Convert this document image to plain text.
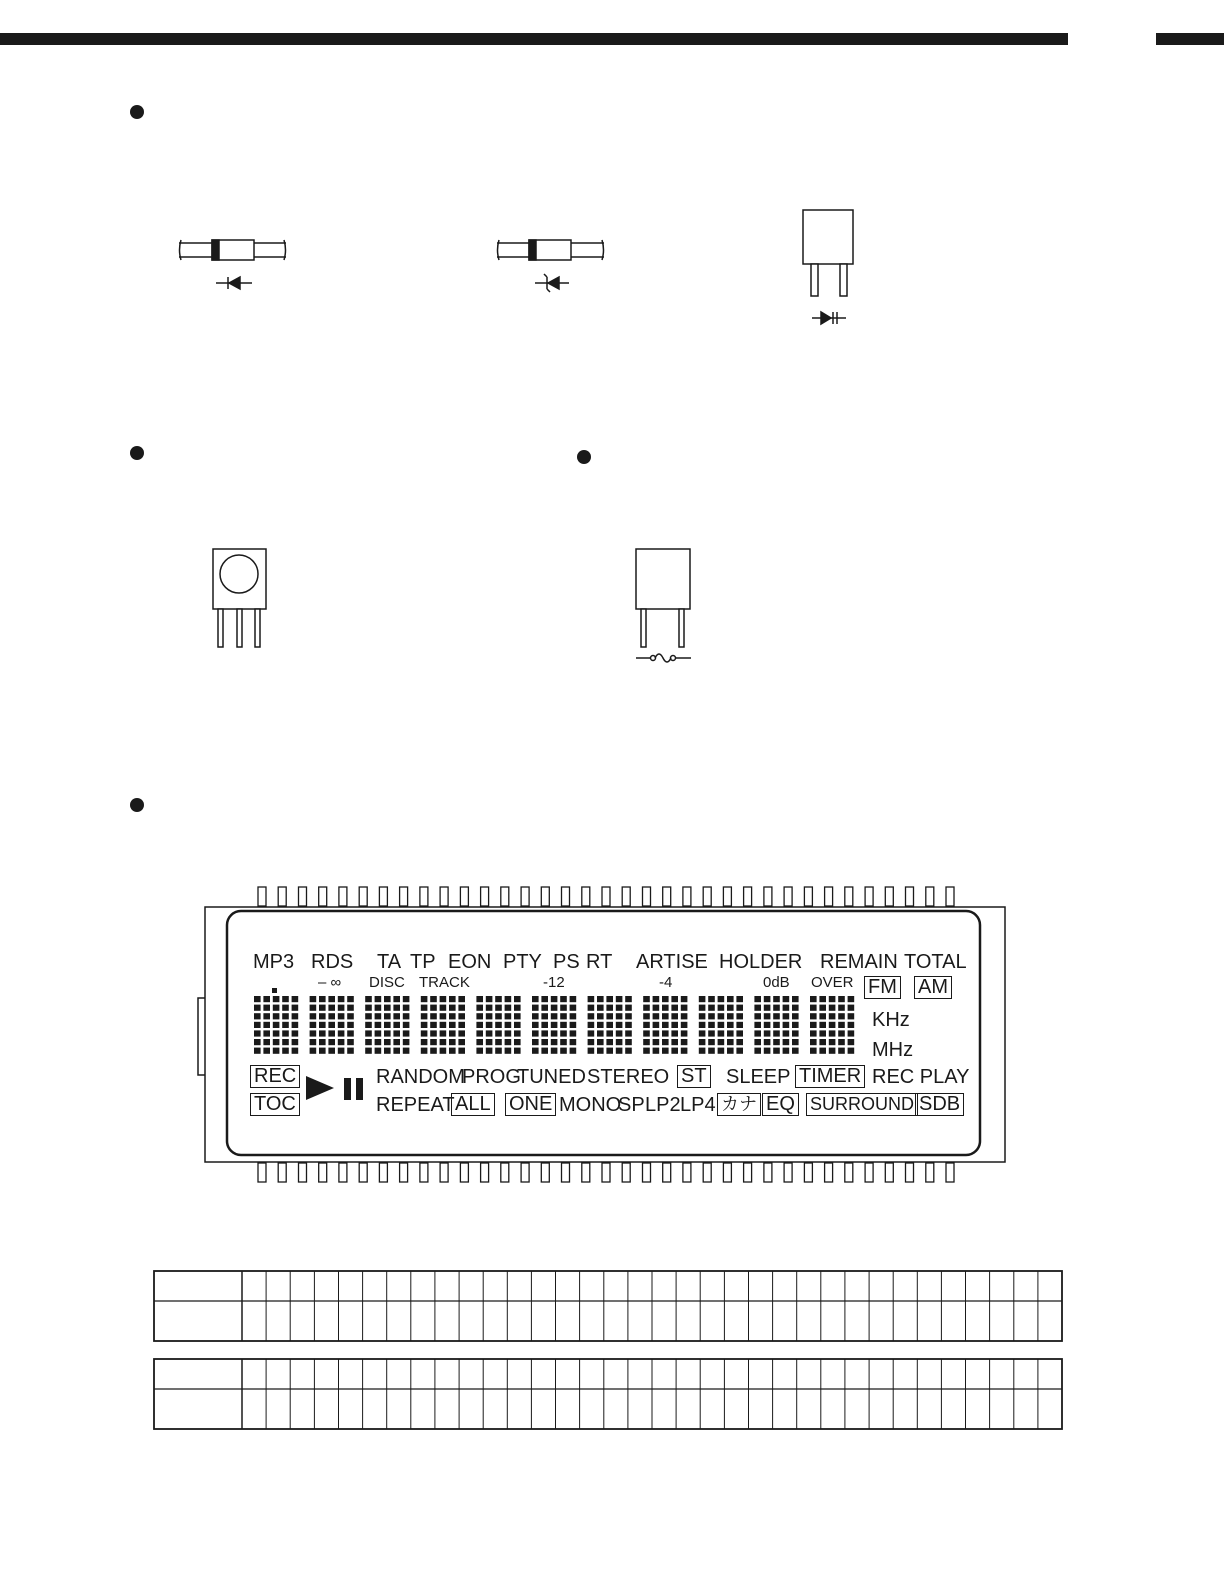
MP3 RDS TA TP EON PTY PS RT ARTISE HOLDER REMAIN TOTAL
– ∞ DISC TRACK	-12	-4	0dB OVER FM AM
KHz
MHz
REC	RANDOM
PROG
TUNED STEREO ST SLEEP TIMER REC PLAY
TOC	REPEAT ALL ONE MONO
SP LP2 LP4 カナ EQ SURROUND SDB
